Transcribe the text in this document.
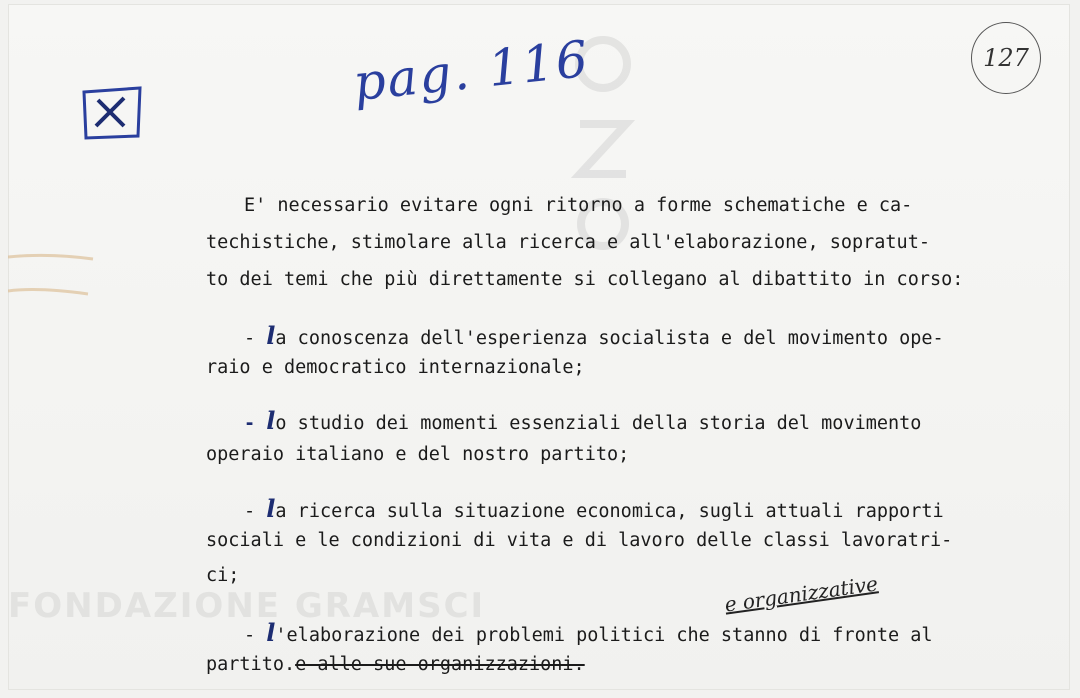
FONDAZIONE GRAMSCI
pag. 116	127

E' necessario evitare ogni ritorno a forme schematiche e ca-

techistiche, stimolare alla ricerca e all'elaborazione, sopratut-

to dei temi che più direttamente si collegano al dibattito in corso:

- la conoscenza dell'esperienza socialista e del movimento ope-

raio e democratico internazionale;

- lo studio dei momenti essenziali della storia del movimento

operaio italiano e del nostro partito;

- la ricerca sulla situazione economica, sugli attuali rapporti

sociali e le condizioni di vita e di lavoro delle classi lavoratri-

ci;

- l'elaborazione dei problemi politici che stanno di fronte al

partito.e alle sue organizzazioni.

e organizzative
